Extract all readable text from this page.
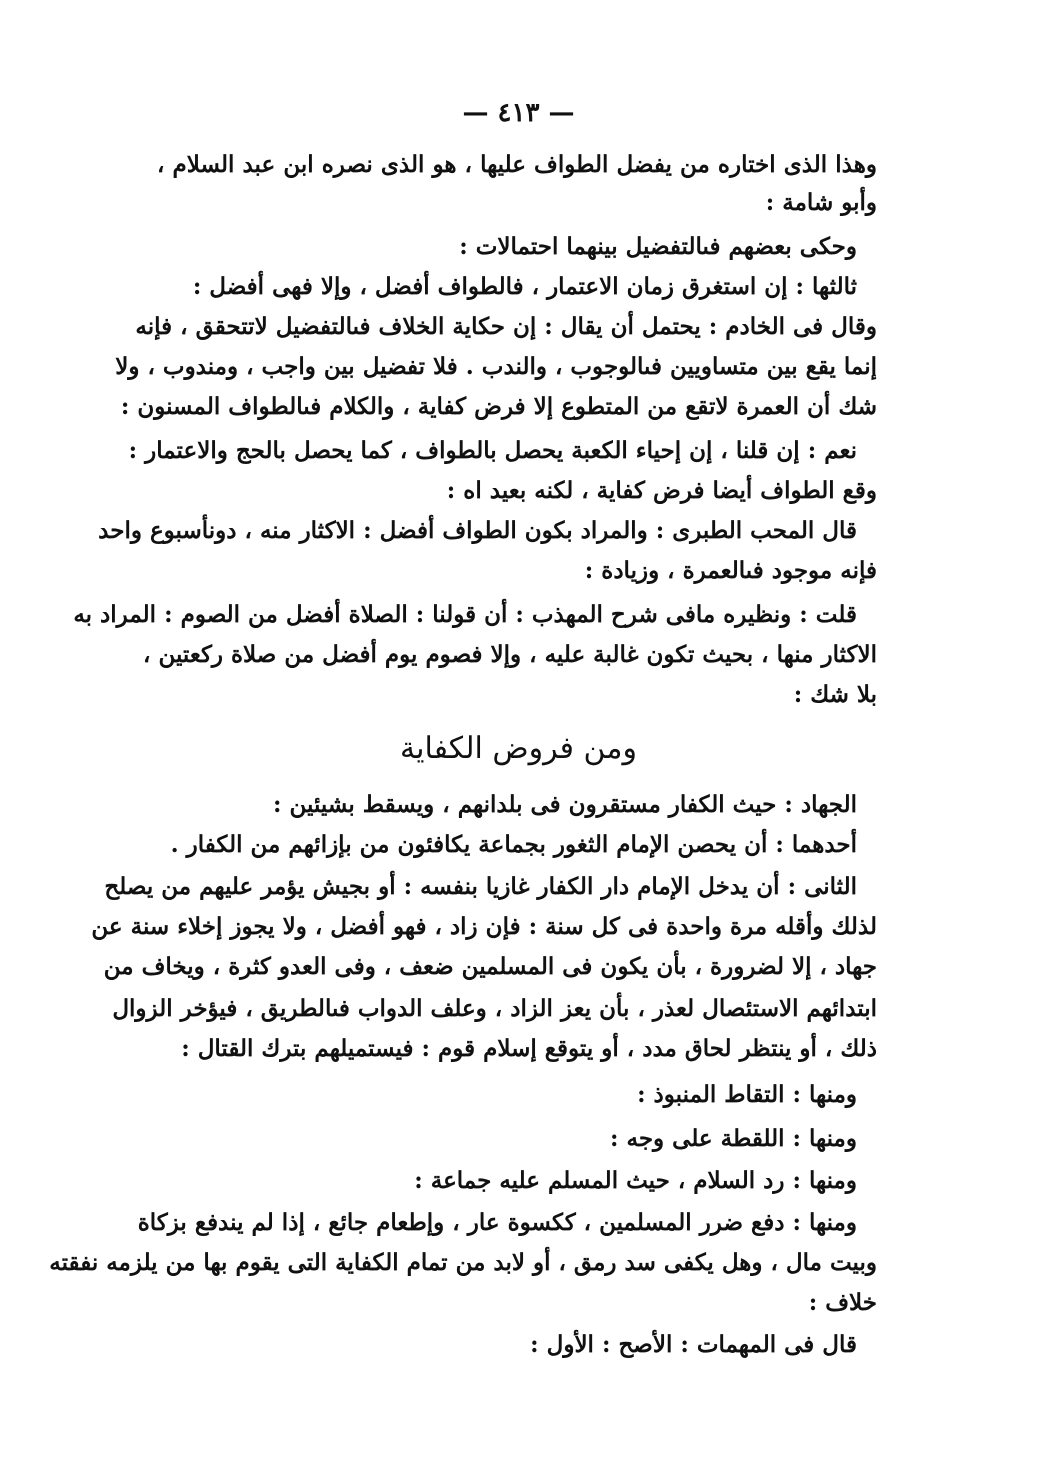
— ٤١٣ —
وهذا الذى اختاره من يفضل الطواف عليها ، هو الذى نصره ابن عبد السلام ،
وأبو شامة :
وحكى بعضهم فىالتفضيل بينهما احتمالات :
ثالثها : إن استغرق زمان الاعتمار ، فالطواف أفضل ، وإلا فهى أفضل :
وقال فى الخادم : يحتمل أن يقال : إن حكاية الخلاف فىالتفضيل لاتتحقق ، فإنه
إنما يقع بين متساويين فىالوجوب ، والندب . فلا تفضيل بين واجب ، ومندوب ، ولا
شك أن العمرة لاتقع من المتطوع إلا فرض كفاية ، والكلام فىالطواف المسنون :
نعم : إن قلنا ، إن إحياء الكعبة يحصل بالطواف ، كما يحصل بالحج والاعتمار :
وقع الطواف أيضا فرض كفاية ، لكنه بعيد اه :
قال المحب الطبرى : والمراد بكون الطواف أفضل : الاكثار منه ، دونأسبوع واحد
فإنه موجود فىالعمرة ، وزيادة :
قلت : ونظيره مافى شرح المهذب : أن قولنا : الصلاة أفضل من الصوم : المراد به
الاكثار منها ، بحيث تكون غالبة عليه ، وإلا فصوم يوم أفضل من صلاة ركعتين ،
بلا شك :
ومن فروض الكفاية
الجهاد : حيث الكفار مستقرون فى بلدانهم ، ويسقط بشيئين :
أحدهما : أن يحصن الإمام الثغور بجماعة يكافئون من بإزائهم من الكفار .
الثانى : أن يدخل الإمام دار الكفار غازيا بنفسه : أو بجيش يؤمر عليهم من يصلح
لذلك وأقله مرة واحدة فى كل سنة : فإن زاد ، فهو أفضل ، ولا يجوز إخلاء سنة عن
جهاد ، إلا لضرورة ، بأن يكون فى المسلمين ضعف ، وفى العدو كثرة ، ويخاف من
ابتدائهم الاستئصال لعذر ، بأن يعز الزاد ، وعلف الدواب فىالطريق ، فيؤخر الزوال
ذلك ، أو ينتظر لحاق مدد ، أو يتوقع إسلام قوم : فيستميلهم بترك القتال :
ومنها : التقاط المنبوذ :
ومنها : اللقطة على وجه :
ومنها : رد السلام ، حيث المسلم عليه جماعة :
ومنها : دفع ضرر المسلمين ، ككسوة عار ، وإطعام جائع ، إذا لم يندفع بزكاة
وبيت مال ، وهل يكفى سد رمق ، أو لابد من تمام الكفاية التى يقوم بها من يلزمه نفقته
خلاف :
قال فى المهمات : الأصح : الأول :
